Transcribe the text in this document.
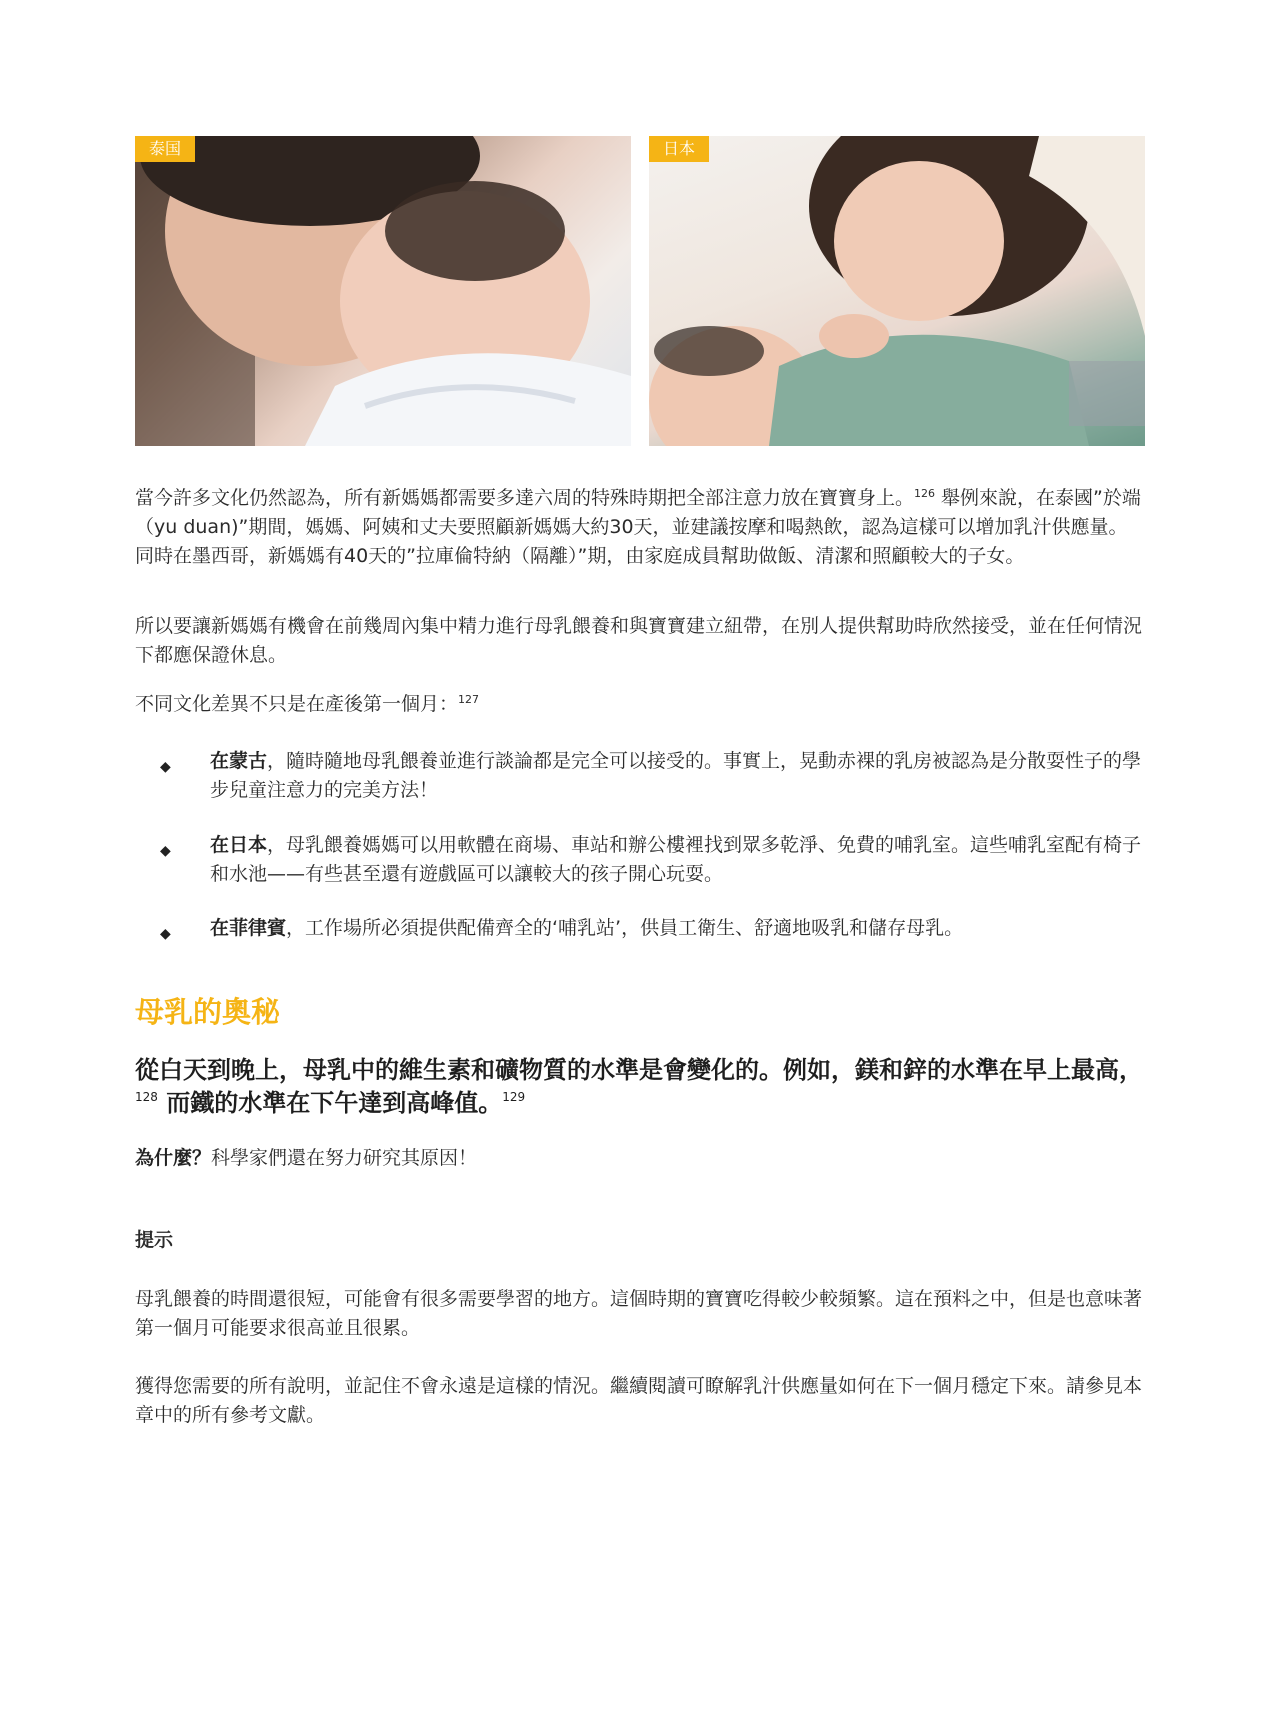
泰国	日本

當今許多文化仍然認為，所有新媽媽都需要多達六周的特殊時期把全部注意力放在寶寶身上。$^{126}$ 舉例來說，在泰國”於端（yu duan)”期間，媽媽、阿姨和丈夫要照顧新媽媽大約30天，並建議按摩和喝熱飲，認為這樣可以增加乳汁供應量。同時在墨西哥，新媽媽有40天的”拉庫倫特納（隔離）”期，由家庭成員幫助做飯、清潔和照顧較大的子女。

所以要讓新媽媽有機會在前幾周內集中精力進行母乳餵養和與寶寶建立紐帶，在別人提供幫助時欣然接受，並在任何情況下都應保證休息。

不同文化差異不只是在產後第一個月：$^{127}$

◆ 在蒙古，隨時隨地母乳餵養並進行談論都是完全可以接受的。事實上，晃動赤裸的乳房被認為是分散耍性子的學步兒童注意力的完美方法！

◆ 在日本，母乳餵養媽媽可以用軟體在商場、車站和辦公樓裡找到眾多乾淨、免費的哺乳室。這些哺乳室配有椅子和水池——有些甚至還有遊戲區可以讓較大的孩子開心玩耍。

◆ 在菲律賓，工作場所必須提供配備齊全的‘哺乳站’，供員工衛生、舒適地吸乳和儲存母乳。

母乳的奧秘

從白天到晚上，母乳中的維生素和礦物質的水準是會變化的。例如，鎂和鋅的水準在早上最高，$^{128}$ 而鐵的水準在下午達到高峰值。$^{129}$

為什麼？科學家們還在努力研究其原因！

提示

母乳餵養的時間還很短，可能會有很多需要學習的地方。這個時期的寶寶吃得較少較頻繁。這在預料之中，但是也意味著第一個月可能要求很高並且很累。

獲得您需要的所有說明，並記住不會永遠是這樣的情況。繼續閱讀可瞭解乳汁供應量如何在下一個月穩定下來。請參見本章中的所有參考文獻。
